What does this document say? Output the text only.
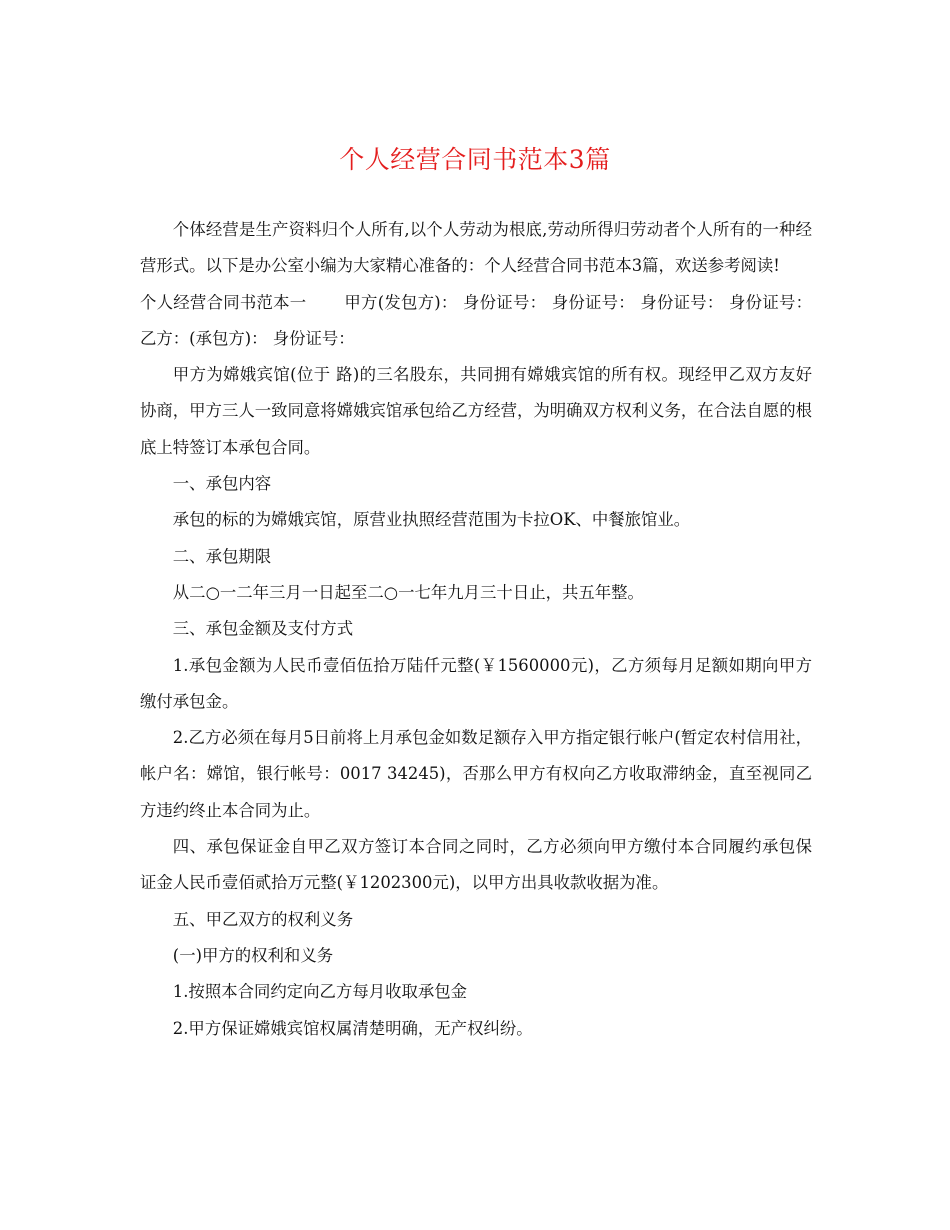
个人经营合同书范本3篇

个体经营是生产资料归个人所有,以个人劳动为根底,劳动所得归劳动者个人所有的一种经营形式。以下是办公室小编为大家精心准备的：个人经营合同书范本3篇，欢送参考阅读!

个人经营合同书范本一 甲方(发包方)： 身份证号： 身份证号： 身份证号： 身份证号： 乙方：(承包方)： 身份证号：

甲方为嫦娥宾馆(位于 路)的三名股东，共同拥有嫦娥宾馆的所有权。现经甲乙双方友好协商，甲方三人一致同意将嫦娥宾馆承包给乙方经营，为明确双方权利义务，在合法自愿的根底上特签订本承包合同。

一、承包内容

承包的标的为嫦娥宾馆，原营业执照经营范围为卡拉OK、中餐旅馆业。

二、承包期限

从二○一二年三月一日起至二○一七年九月三十日止，共五年整。

三、承包金额及支付方式

1.承包金额为人民币壹佰伍拾万陆仟元整(￥1560000元)，乙方须每月足额如期向甲方缴付承包金。

2.乙方必须在每月5日前将上月承包金如数足额存入甲方指定银行帐户(暂定农村信用社，帐户名：嫦馆，银行帐号：0017 34245)，否那么甲方有权向乙方收取滞纳金，直至视同乙方违约终止本合同为止。

四、承包保证金自甲乙双方签订本合同之同时，乙方必须向甲方缴付本合同履约承包保证金人民币壹佰贰拾万元整(￥1202300元)，以甲方出具收款收据为准。

五、甲乙双方的权利义务

(一)甲方的权利和义务

1.按照本合同约定向乙方每月收取承包金

2.甲方保证嫦娥宾馆权属清楚明确，无产权纠纷。
